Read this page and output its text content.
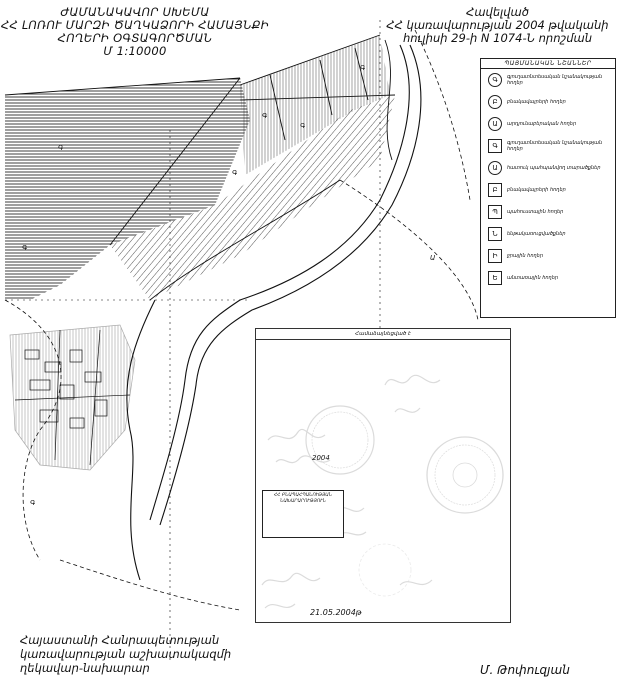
Գ
Գ
Գ
Գ
Գ
Գ
Գ
Ա
ԺԱՄԱՆԱԿԱՎՈՐ ՍԽԵՄԱ
ՀՀ ԼՈՌՈՒ ՄԱՐԶԻ ԾԱՂԿԱՁՈՐԻ ՀԱՄԱՅՆՔԻ ՀՈՂԵՐԻ ՕԳՏԱԳՈՐԾՄԱՆ
Մ 1:10000
Հավելված
ՀՀ կառավարության 2004 թվականի
հուլիսի 29-ի N 1074-Ն որոշման
ՊԱՅՄԱՆԱԿԱՆ ՆՇԱՆՆԵՐ
Գ	գյուղատնտեսական նշանակության հողեր
Բ	բնակավայրերի հողեր
Ա	արդյունաբերական հողեր
Գ	գյուղատնտեսական նշանակության հողեր
Ա	հատուկ պահպանվող տարածքներ
Բ	բնակավայրերի հողեր
Պ	պահուստային հողեր
Ն	ենթակառուցվածքներ
Ի	ջրային հողեր
Ե	անտառային հողեր
Համաձայնեցված է
ՀՀ ԲՆԱՊԱՀՊԱՆՈՒԹՅԱՆ ՆԱԽԱՐԱՐՈՒԹՅՈՒՆ
2004
21.05.2004թ
Հայաստանի Հանրապետության
կառավարության աշխատակազմի
ղեկավար-նախարար	Մ. Թոփուզյան
